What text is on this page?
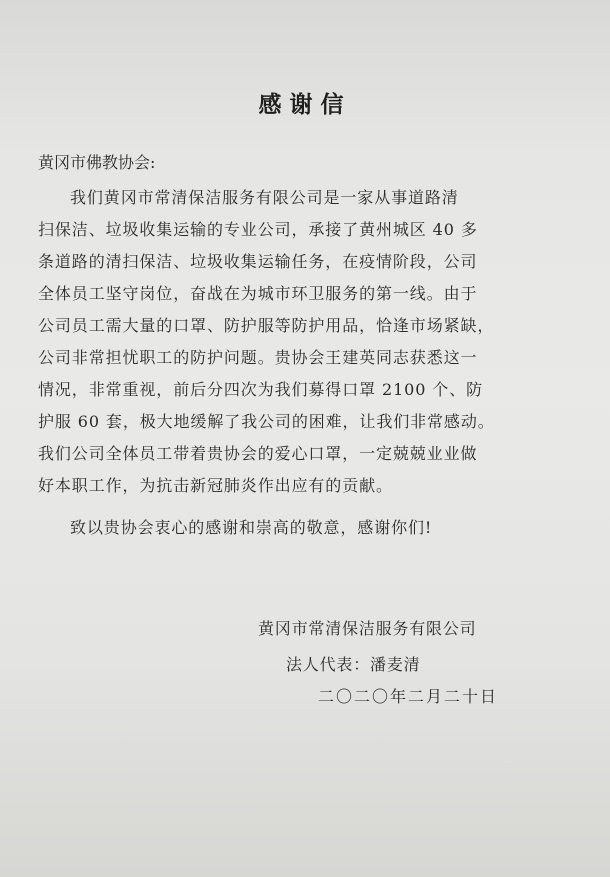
感谢信
黄冈市佛教协会:
我们黄冈市常清保洁服务有限公司是一家从事道路清
扫保洁、垃圾收集运输的专业公司，承接了黄州城区 40 多
条道路的清扫保洁、垃圾收集运输任务，在疫情阶段，公司
全体员工坚守岗位，奋战在为城市环卫服务的第一线。由于
公司员工需大量的口罩、防护服等防护用品，恰逢市场紧缺，
公司非常担忧职工的防护问题。贵协会王建英同志获悉这一
情况，非常重视，前后分四次为我们募得口罩 2100 个、防
护服 60 套，极大地缓解了我公司的困难，让我们非常感动。
我们公司全体员工带着贵协会的爱心口罩，一定兢兢业业做
好本职工作，为抗击新冠肺炎作出应有的贡献。
致以贵协会衷心的感谢和崇高的敬意，感谢你们!
黄冈市常清保洁服务有限公司
法人代表：潘麦清
二〇二〇年二月二十日
